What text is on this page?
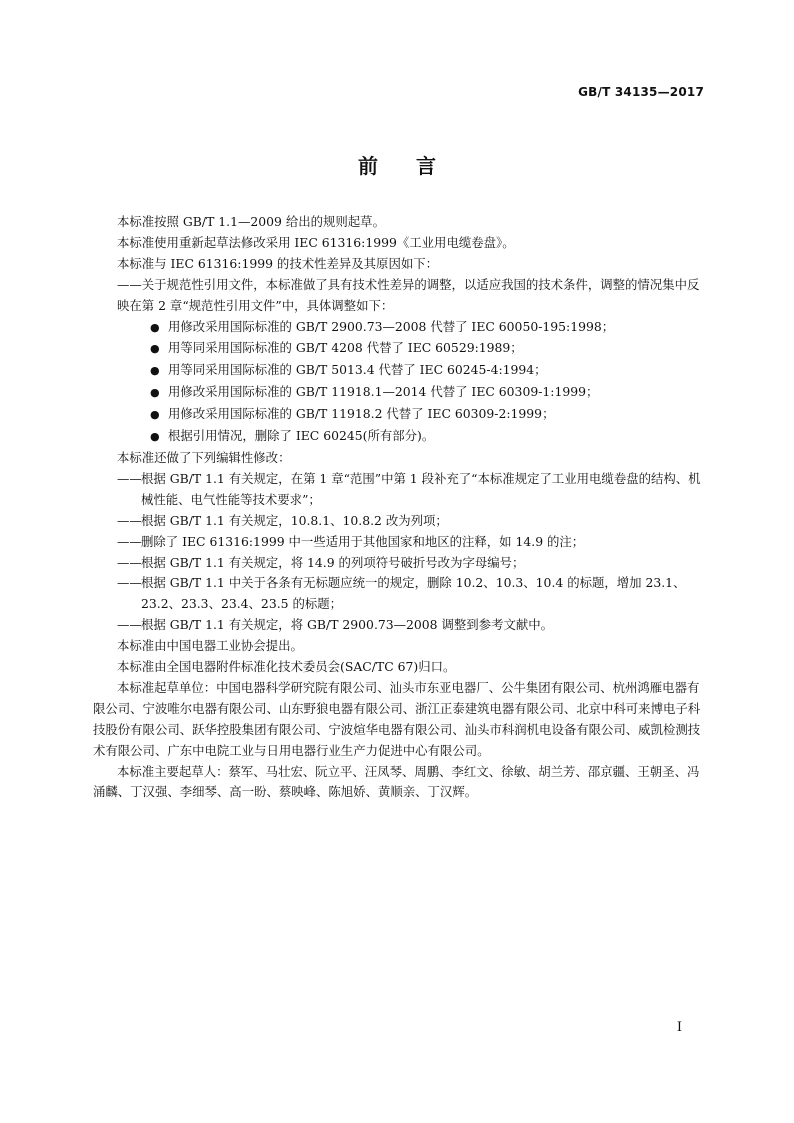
GB/T 34135—2017
前 言

本标准按照 GB/T 1.1—2009 给出的规则起草。

本标准使用重新起草法修改采用 IEC 61316:1999《工业用电缆卷盘》。

本标准与 IEC 61316:1999 的技术性差异及其原因如下：

——关于规范性引用文件，本标准做了具有技术性差异的调整，以适应我国的技术条件，调整的情况集中反映在第 2 章“规范性引用文件”中，具体调整如下：

● 用修改采用国际标准的 GB/T 2900.73—2008 代替了 IEC 60050-195:1998；

● 用等同采用国际标准的 GB/T 4208 代替了 IEC 60529:1989；

● 用等同采用国际标准的 GB/T 5013.4 代替了 IEC 60245-4:1994；

● 用修改采用国际标准的 GB/T 11918.1—2014 代替了 IEC 60309-1:1999；

● 用修改采用国际标准的 GB/T 11918.2 代替了 IEC 60309-2:1999；

● 根据引用情况，删除了 IEC 60245(所有部分)。

本标准还做了下列编辑性修改：

——根据 GB/T 1.1 有关规定，在第 1 章“范围”中第 1 段补充了“本标准规定了工业用电缆卷盘的结构、机械性能、电气性能等技术要求”；

——根据 GB/T 1.1 有关规定，10.8.1、10.8.2 改为列项；

——删除了 IEC 61316:1999 中一些适用于其他国家和地区的注释，如 14.9 的注；

——根据 GB/T 1.1 有关规定，将 14.9 的列项符号破折号改为字母编号；

——根据 GB/T 1.1 中关于各条有无标题应统一的规定，删除 10.2、10.3、10.4 的标题，增加 23.1、23.2、23.3、23.4、23.5 的标题；

——根据 GB/T 1.1 有关规定，将 GB/T 2900.73—2008 调整到参考文献中。

本标准由中国电器工业协会提出。

本标准由全国电器附件标准化技术委员会(SAC/TC 67)归口。

本标准起草单位：中国电器科学研究院有限公司、汕头市东亚电器厂、公牛集团有限公司、杭州鸿雁电器有限公司、宁波唯尔电器有限公司、山东野狼电器有限公司、浙江正泰建筑电器有限公司、北京中科可来博电子科技股份有限公司、跃华控股集团有限公司、宁波煊华电器有限公司、汕头市科润机电设备有限公司、威凯检测技术有限公司、广东中电院工业与日用电器行业生产力促进中心有限公司。

本标准主要起草人：蔡军、马壮宏、阮立平、汪凤琴、周鹏、李红文、徐敏、胡兰芳、邵京疆、王朝圣、冯涌麟、丁汉强、李细琴、高一盼、蔡映峰、陈旭娇、黄顺亲、丁汉辉。

I
